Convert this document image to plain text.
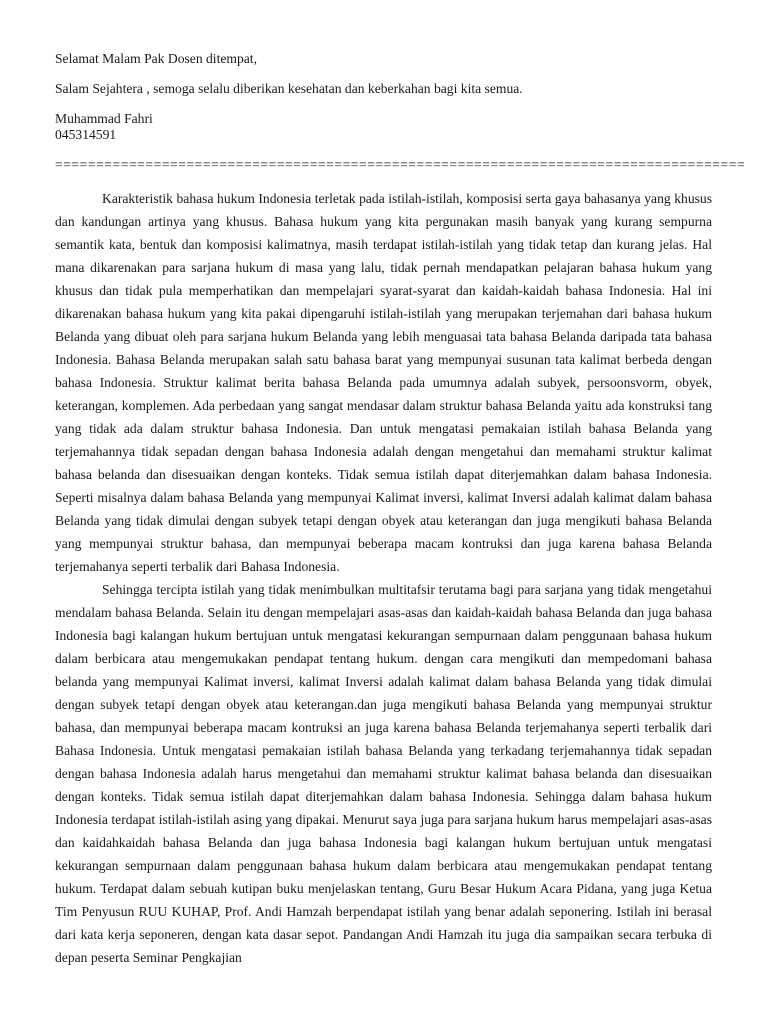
Selamat Malam Pak Dosen ditempat,
Salam Sejahtera , semoga selalu diberikan kesehatan dan keberkahan bagi kita semua.
Muhammad Fahri
045314591
====================================================================================

Karakteristik bahasa hukum Indonesia terletak pada istilah-istilah, komposisi serta gaya bahasanya yang khusus dan kandungan artinya yang khusus. Bahasa hukum yang kita pergunakan masih banyak yang kurang sempurna semantik kata, bentuk dan komposisi kalimatnya, masih terdapat istilah-istilah yang tidak tetap dan kurang jelas. Hal mana dikarenakan para sarjana hukum di masa yang lalu, tidak pernah mendapatkan pelajaran bahasa hukum yang khusus dan tidak pula memperhatikan dan mempelajari syarat-syarat dan kaidah-kaidah bahasa Indonesia. Hal ini dikarenakan bahasa hukum yang kita pakai dipengaruhi istilah-istilah yang merupakan terjemahan dari bahasa hukum Belanda yang dibuat oleh para sarjana hukum Belanda yang lebih menguasai tata bahasa Belanda daripada tata bahasa Indonesia. Bahasa Belanda merupakan salah satu bahasa barat yang mempunyai susunan tata kalimat berbeda dengan bahasa Indonesia. Struktur kalimat berita bahasa Belanda pada umumnya adalah subyek, persoonsvorm, obyek, keterangan, komplemen. Ada perbedaan yang sangat mendasar dalam struktur bahasa Belanda yaitu ada konstruksi tang yang tidak ada dalam struktur bahasa Indonesia. Dan untuk mengatasi pemakaian istilah bahasa Belanda yang terjemahannya tidak sepadan dengan bahasa Indonesia adalah dengan mengetahui dan memahami struktur kalimat bahasa belanda dan disesuaikan dengan konteks. Tidak semua istilah dapat diterjemahkan dalam bahasa Indonesia. Seperti misalnya dalam bahasa Belanda yang mempunyai Kalimat inversi, kalimat Inversi adalah kalimat dalam bahasa Belanda yang tidak dimulai dengan subyek tetapi dengan obyek atau keterangan dan juga mengikuti bahasa Belanda yang mempunyai struktur bahasa, dan mempunyai beberapa macam kontruksi dan juga karena bahasa Belanda terjemahanya seperti terbalik dari Bahasa Indonesia.

Sehingga tercipta istilah yang tidak menimbulkan multitafsir terutama bagi para sarjana yang tidak mengetahui mendalam bahasa Belanda. Selain itu dengan mempelajari asas-asas dan kaidah-kaidah bahasa Belanda dan juga bahasa Indonesia bagi kalangan hukum bertujuan untuk mengatasi kekurangan sempurnaan dalam penggunaan bahasa hukum dalam berbicara atau mengemukakan pendapat tentang hukum. dengan cara mengikuti dan mempedomani bahasa belanda yang mempunyai Kalimat inversi, kalimat Inversi adalah kalimat dalam bahasa Belanda yang tidak dimulai dengan subyek tetapi dengan obyek atau keterangan.dan juga mengikuti bahasa Belanda yang mempunyai struktur bahasa, dan mempunyai beberapa macam kontruksi an juga karena bahasa Belanda terjemahanya seperti terbalik dari Bahasa Indonesia. Untuk mengatasi pemakaian istilah bahasa Belanda yang terkadang terjemahannya tidak sepadan dengan bahasa Indonesia adalah harus mengetahui dan memahami struktur kalimat bahasa belanda dan disesuaikan dengan konteks. Tidak semua istilah dapat diterjemahkan dalam bahasa Indonesia. Sehingga dalam bahasa hukum Indonesia terdapat istilah-istilah asing yang dipakai. Menurut saya juga para sarjana hukum harus mempelajari asas-asas dan kaidahkaidah bahasa Belanda dan juga bahasa Indonesia bagi kalangan hukum bertujuan untuk mengatasi kekurangan sempurnaan dalam penggunaan bahasa hukum dalam berbicara atau mengemukakan pendapat tentang hukum. Terdapat dalam sebuah kutipan buku menjelaskan tentang, Guru Besar Hukum Acara Pidana, yang juga Ketua Tim Penyusun RUU KUHAP, Prof. Andi Hamzah berpendapat istilah yang benar adalah seponering. Istilah ini berasal dari kata kerja seponeren, dengan kata dasar sepot. Pandangan Andi Hamzah itu juga dia sampaikan secara terbuka di depan peserta Seminar Pengkajian
